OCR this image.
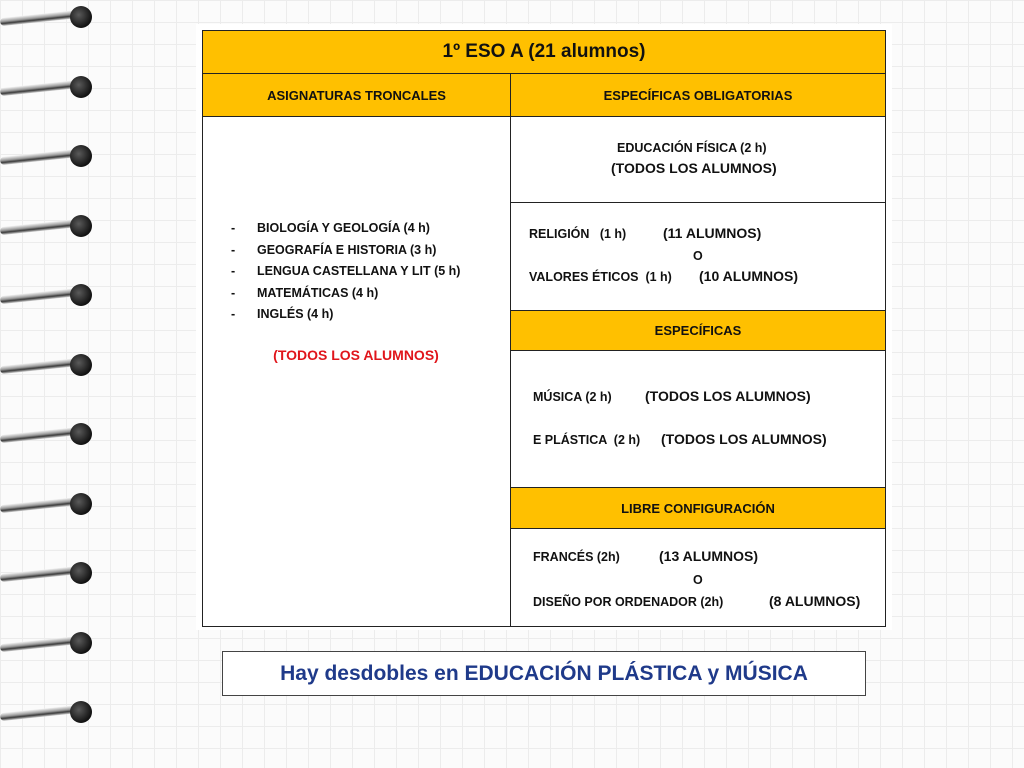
1º ESO A (21 alumnos)
ASIGNATURAS TRONCALES	ESPECÍFICAS OBLIGATORIAS
-	BIOLOGÍA Y GEOLOGÍA (4 h)
-	GEOGRAFÍA E HISTORIA (3 h)
-	LENGUA CASTELLANA Y LIT (5 h)
-	MATEMÁTICAS (4 h)
-	INGLÉS (4 h)
(TODOS LOS ALUMNOS)
EDUCACIÓN FÍSICA (2 h)
(TODOS LOS ALUMNOS)
RELIGIÓN   (1 h)	(11 ALUMNOS)
O
VALORES ÉTICOS  (1 h) (10 ALUMNOS)
ESPECÍFICAS
MÚSICA (2 h) (TODOS LOS ALUMNOS)
E PLÁSTICA  (2 h) (TODOS LOS ALUMNOS)
LIBRE CONFIGURACIÓN
FRANCÉS (2h)	(13 ALUMNOS)
O
DISEÑO POR ORDENADOR (2h)	(8 ALUMNOS)
Hay desdobles en EDUCACIÓN PLÁSTICA y MÚSICA
